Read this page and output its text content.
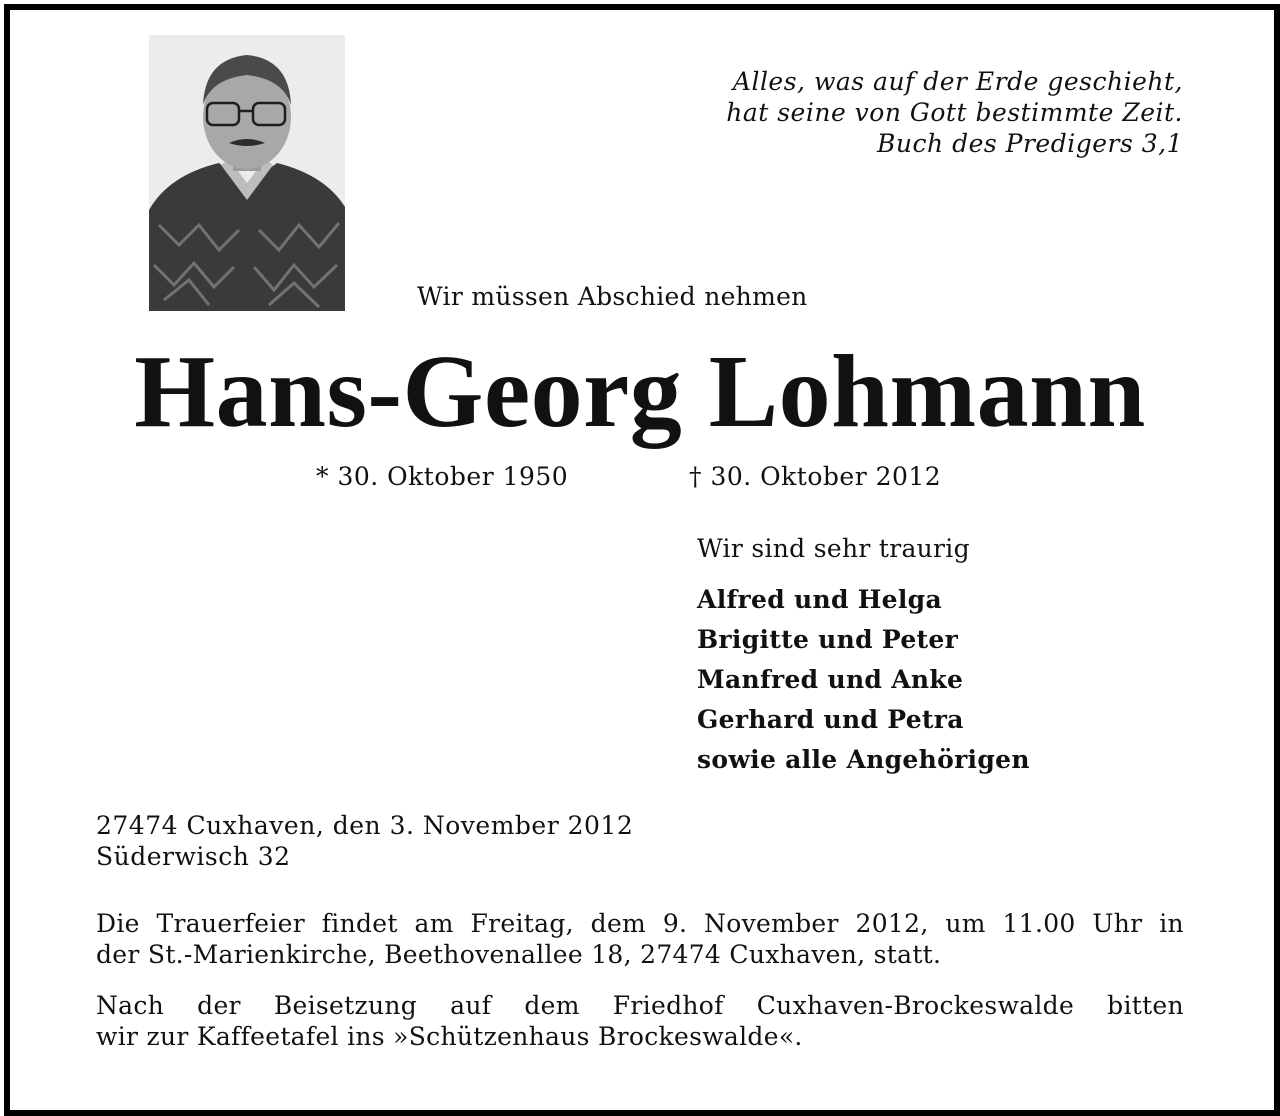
Alles, was auf der Erde geschieht,
hat seine von Gott bestimmte Zeit.
Buch des Predigers 3,1
Wir müssen Abschied nehmen
Hans-Georg Lohmann
* 30. Oktober 1950	† 30. Oktober 2012
Wir sind sehr traurig
Alfred und Helga
Brigitte und Peter
Manfred und Anke
Gerhard und Petra
sowie alle Angehörigen
27474 Cuxhaven, den 3. November 2012
Süderwisch 32
Die Trauerfeier findet am Freitag, dem 9. November 2012, um 11.00 Uhr in
der St.-Marienkirche, Beethovenallee 18, 27474 Cuxhaven, statt.
Nach der Beisetzung auf dem Friedhof Cuxhaven-Brockeswalde bitten
wir zur Kaffeetafel ins »Schützenhaus Brockeswalde«.
